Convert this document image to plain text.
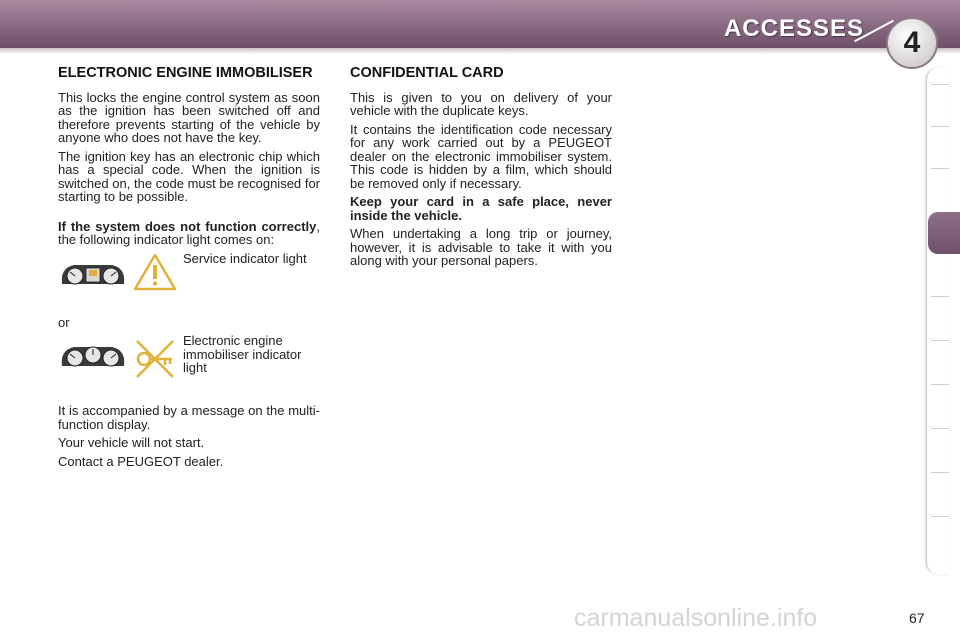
ACCESSES	4
ELECTRONIC ENGINE IMMOBILISER

This locks the engine control system as soon as the ignition has been switched off and therefore prevents starting of the vehicle by anyone who does not have the key.

The ignition key has an electronic chip which has a special code. When the ignition is switched on, the code must be recognised for starting to be possible.

If the system does not function correctly, the following indicator light comes on:

Service indicator light

or

Electronic engine immobiliser indicator light

It is accompanied by a message on the multi-function display.

Your vehicle will not start.

Contact a PEUGEOT dealer.

CONFIDENTIAL CARD

This is given to you on delivery of your vehicle with the duplicate keys.

It contains the identification code necessary for any work carried out by a PEUGEOT dealer on the electronic immobiliser system. This code is hidden by a film, which should be removed only if necessary.

Keep your card in a safe place, never inside the vehicle.

When undertaking a long trip or journey, however, it is advisable to take it with you along with your personal papers.

carmanualsonline.info	67
